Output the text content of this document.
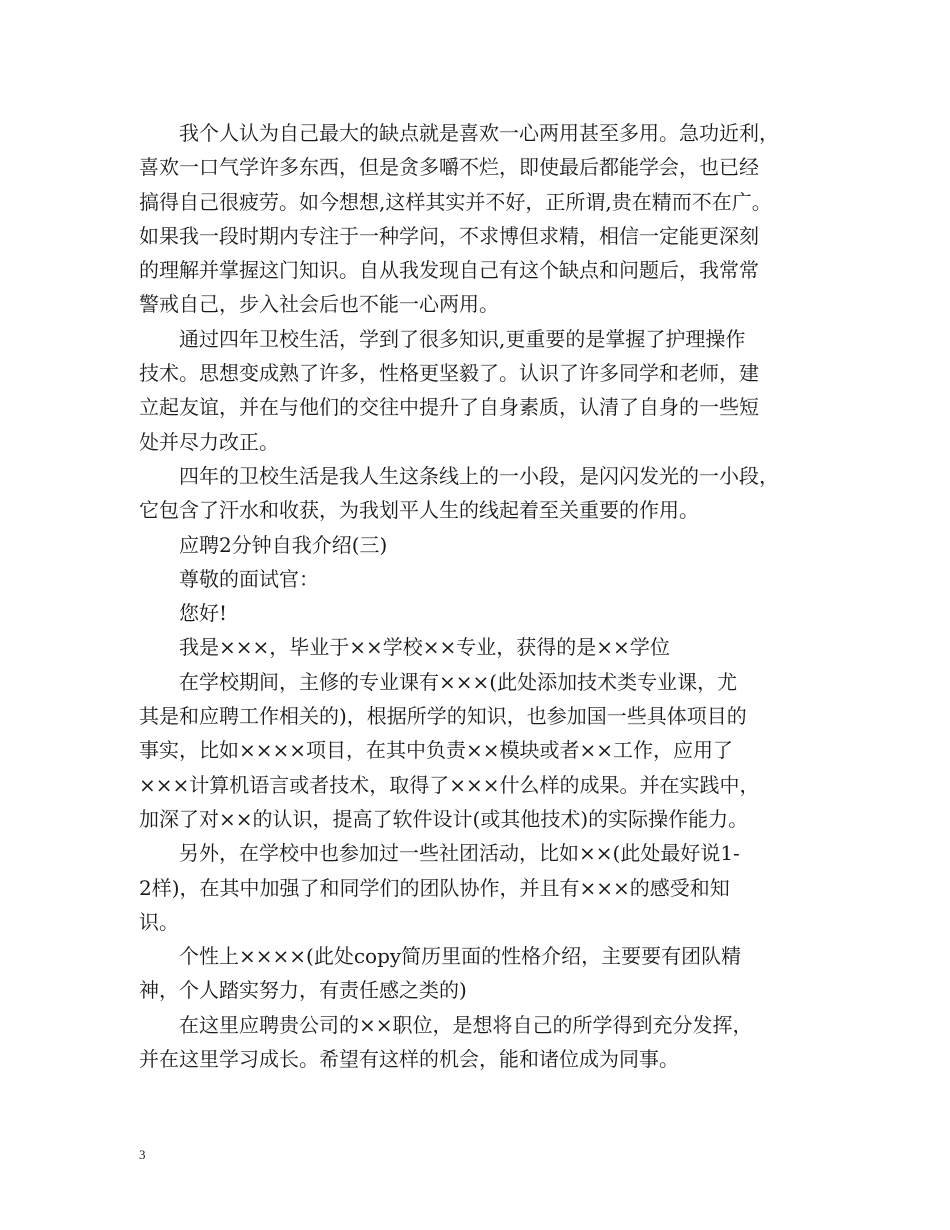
　　我个人认为自己最大的缺点就是喜欢一心两用甚至多用。急功近利，
喜欢一口气学许多东西，但是贪多嚼不烂，即使最后都能学会，也已经
搞得自己很疲劳。如今想想,这样其实并不好，正所谓,贵在精而不在广。
如果我一段时期内专注于一种学问，不求博但求精，相信一定能更深刻
的理解并掌握这门知识。自从我发现自己有这个缺点和问题后，我常常
警戒自己，步入社会后也不能一心两用。
　　通过四年卫校生活，学到了很多知识,更重要的是掌握了护理操作
技术。思想变成熟了许多，性格更坚毅了。认识了许多同学和老师，建
立起友谊，并在与他们的交往中提升了自身素质，认清了自身的一些短
处并尽力改正。
　　四年的卫校生活是我人生这条线上的一小段，是闪闪发光的一小段，
它包含了汗水和收获，为我划平人生的线起着至关重要的作用。
　　应聘2分钟自我介绍(三)
　　尊敬的面试官：
　　您好!
　　我是×××，毕业于××学校××专业，获得的是××学位
　　在学校期间，主修的专业课有×××(此处添加技术类专业课，尤
其是和应聘工作相关的)，根据所学的知识，也参加国一些具体项目的
事实，比如××××项目，在其中负责××模块或者××工作，应用了
×××计算机语言或者技术，取得了×××什么样的成果。并在实践中，
加深了对××的认识，提高了软件设计(或其他技术)的实际操作能力。
　　另外，在学校中也参加过一些社团活动，比如××(此处最好说1-
2样)，在其中加强了和同学们的团队协作，并且有×××的感受和知
识。
　　个性上××××(此处copy简历里面的性格介绍，主要要有团队精
神，个人踏实努力，有责任感之类的)
　　在这里应聘贵公司的××职位，是想将自己的所学得到充分发挥，
并在这里学习成长。希望有这样的机会，能和诸位成为同事。
3
